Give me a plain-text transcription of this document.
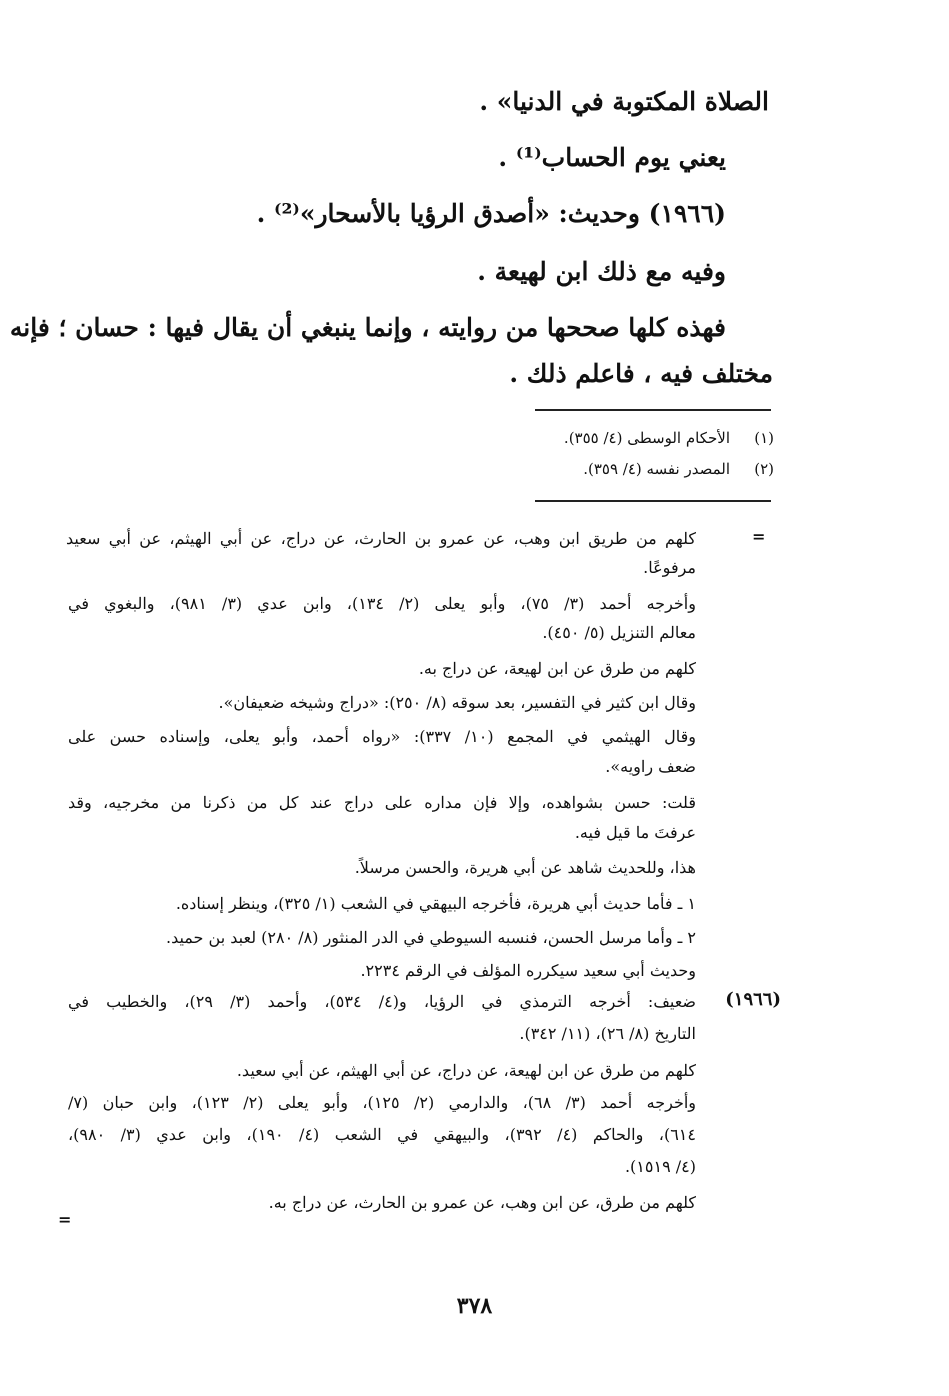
الصلاة المكتوبة في الدنيا» .
يعني يوم الحساب⁽¹⁾ .
(١٩٦٦) وحديث: «أصدق الرؤيا بالأسحار»⁽²⁾ .
وفيه مع ذلك ابن لهيعة .
فهذه كلها صححها من روايته ، وإنما ينبغي أن يقال فيها : حسان ؛ فإنه
مختلف فيه ، فاعلم ذلك .
(١)الأحكام الوسطى (٤/ ٣٥٥).
(٢)المصدر نفسه (٤/ ٣٥٩).
=
كلهم من طريق ابن وهب، عن عمرو بن الحارث، عن دراج، عن أبي الهيثم، عن أبي سعيد
مرفوعًا.
وأخرجه أحمد (٣/ ٧٥)، وأبو يعلى (٢/ ١٣٤)، وابن عدي (٣/ ٩٨١)، والبغوي في
معالم التنزيل (٥/ ٤٥٠).
كلهم من طرق عن ابن لهيعة، عن دراج به.
وقال ابن كثير في التفسير، بعد سوقه (٨/ ٢٥٠): «دراج وشيخه ضعيفان».
وقال الهيثمي في المجمع (١٠/ ٣٣٧): «رواه أحمد، وأبو يعلى، وإسناده حسن على
ضعف راويه».
قلت: حسن بشواهده، وإلا فإن مداره على دراج عند كل من ذكرنا من مخرجيه، وقد
عرفتَ ما قيل فيه.
هذا، وللحديث شاهد عن أبي هريرة، والحسن مرسلاً.
١ ـ فأما حديث أبي هريرة، فأخرجه البيهقي في الشعب (١/ ٣٢٥)، وينظر إسناده.
٢ ـ وأما مرسل الحسن، فنسبه السيوطي في الدر المنثور (٨/ ٢٨٠) لعبد بن حميد.
وحديث أبي سعيد سيكرره المؤلف في الرقم ٢٢٣٤.
(١٩٦٦)
ضعيف: أخرجه الترمذي في الرؤيا، و(٤/ ٥٣٤)، وأحمد (٣/ ٢٩)، والخطيب في
التاريخ (٨/ ٢٦)، (١١/ ٣٤٢).
كلهم من طرق عن ابن لهيعة، عن دراج، عن أبي الهيثم، عن أبي سعيد.
وأخرجه أحمد (٣/ ٦٨)، والدارمي (٢/ ١٢٥)، وأبو يعلى (٢/ ١٢٣)، وابن حبان (٧/
٦١٤)، والحاكم (٤/ ٣٩٢)، والبيهقي في الشعب (٤/ ١٩٠)، وابن عدي (٣/ ٩٨٠)،
(٤/ ١٥١٩).
كلهم من طرق، عن ابن وهب، عن عمرو بن الحارث، عن دراج به.
=
٣٧٨
